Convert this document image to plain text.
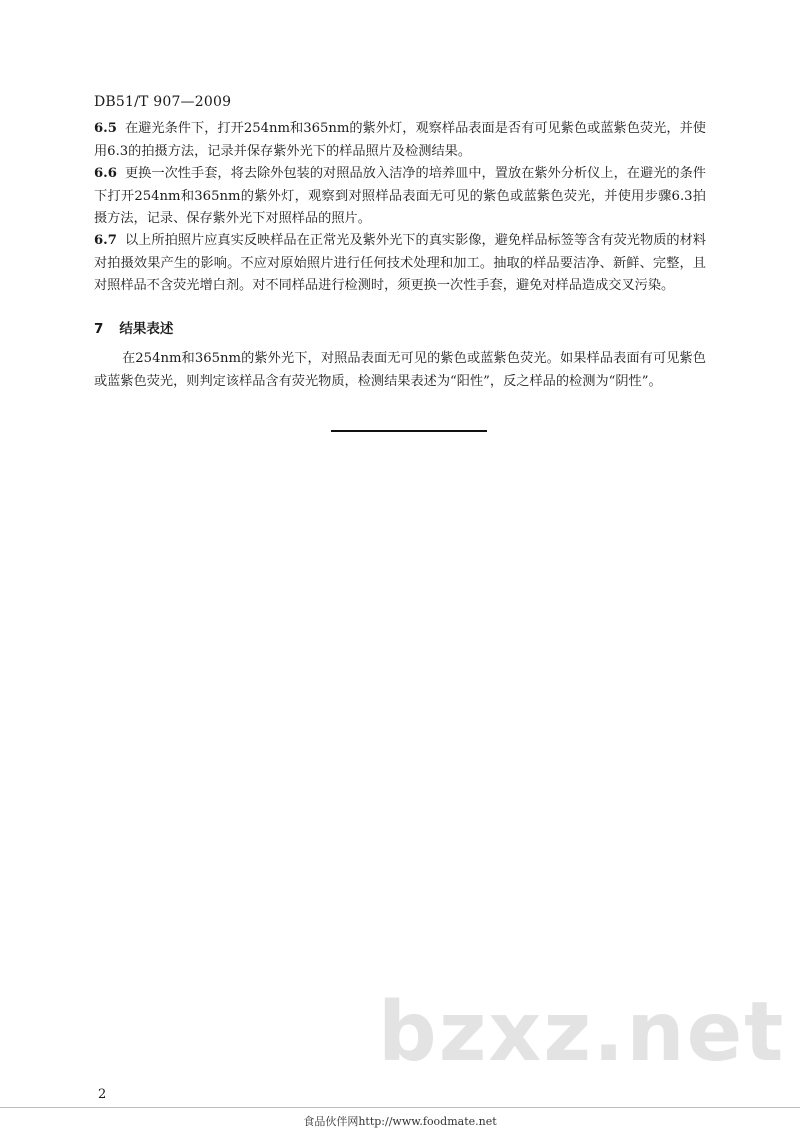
DB51/T 907—2009
6.5 在避光条件下，打开254nm和365nm的紫外灯，观察样品表面是否有可见紫色或蓝紫色荧光，并使用6.3的拍摄方法，记录并保存紫外光下的样品照片及检测结果。
6.6 更换一次性手套，将去除外包装的对照品放入洁净的培养皿中，置放在紫外分析仪上，在避光的条件下打开254nm和365nm的紫外灯，观察到对照样品表面无可见的紫色或蓝紫色荧光，并使用步骤6.3拍摄方法，记录、保存紫外光下对照样品的照片。
6.7 以上所拍照片应真实反映样品在正常光及紫外光下的真实影像，避免样品标签等含有荧光物质的材料对拍摄效果产生的影响。不应对原始照片进行任何技术处理和加工。抽取的样品要洁净、新鲜、完整，且对照样品不含荧光增白剂。对不同样品进行检测时，须更换一次性手套，避免对样品造成交叉污染。
7 结果表述
在254nm和365nm的紫外光下，对照品表面无可见的紫色或蓝紫色荧光。如果样品表面有可见紫色或蓝紫色荧光，则判定该样品含有荧光物质，检测结果表述为“阳性”，反之样品的检测为“阴性”。
bzxz.net
2
食品伙伴网http://www.foodmate.net
